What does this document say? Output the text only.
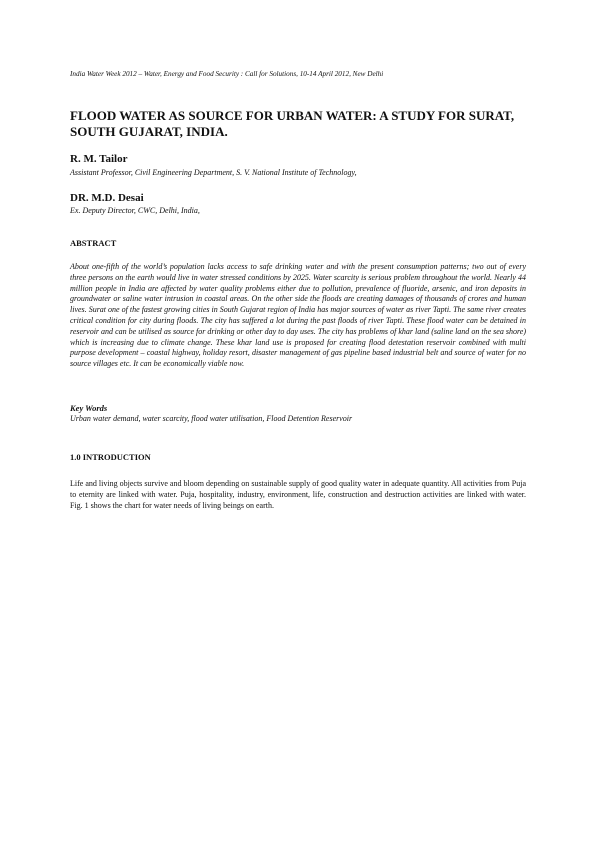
India Water Week 2012 – Water, Energy and Food Security : Call for Solutions, 10-14 April 2012, New Delhi
FLOOD WATER AS SOURCE FOR URBAN WATER: A STUDY FOR SURAT, SOUTH GUJARAT, INDIA.

R. M. Tailor

Assistant Professor, Civil Engineering Department, S. V. National Institute of Technology,

DR. M.D. Desai

Ex. Deputy Director, CWC, Delhi, India,

ABSTRACT

About one-fifth of the world’s population lacks access to safe drinking water and with the present consumption patterns; two out of every three persons on the earth would live in water stressed conditions by 2025. Water scarcity is serious problem throughout the world. Nearly 44 million people in India are affected by water quality problems either due to pollution, prevalence of fluoride, arsenic, and iron deposits in groundwater or saline water intrusion in coastal areas. On the other side the floods are creating damages of thousands of crores and human lives. Surat one of the fastest growing cities in South Gujarat region of India has major sources of water as river Tapti. The same river creates critical condition for city during floods. The city has suffered a lot during the past floods of river Tapti. These flood water can be detained in reservoir and can be utilised as source for drinking or other day to day uses. The city has problems of khar land (saline land on the sea shore) which is increasing due to climate change. These khar land use is proposed for creating flood detestation reservoir combined with multi purpose development – coastal highway, holiday resort, disaster management of gas pipeline based industrial belt and source of water for no source villages etc. It can be economically viable now.

Key Words

Urban water demand, water scarcity, flood water utilisation, Flood Detention Reservoir

1.0 INTRODUCTION

Life and living objects survive and bloom depending on sustainable supply of good quality water in adequate quantity. All activities from Puja to eternity are linked with water. Puja, hospitality, industry, environment, life, construction and destruction activities are linked with water. Fig. 1 shows the chart for water needs of living beings on earth.
